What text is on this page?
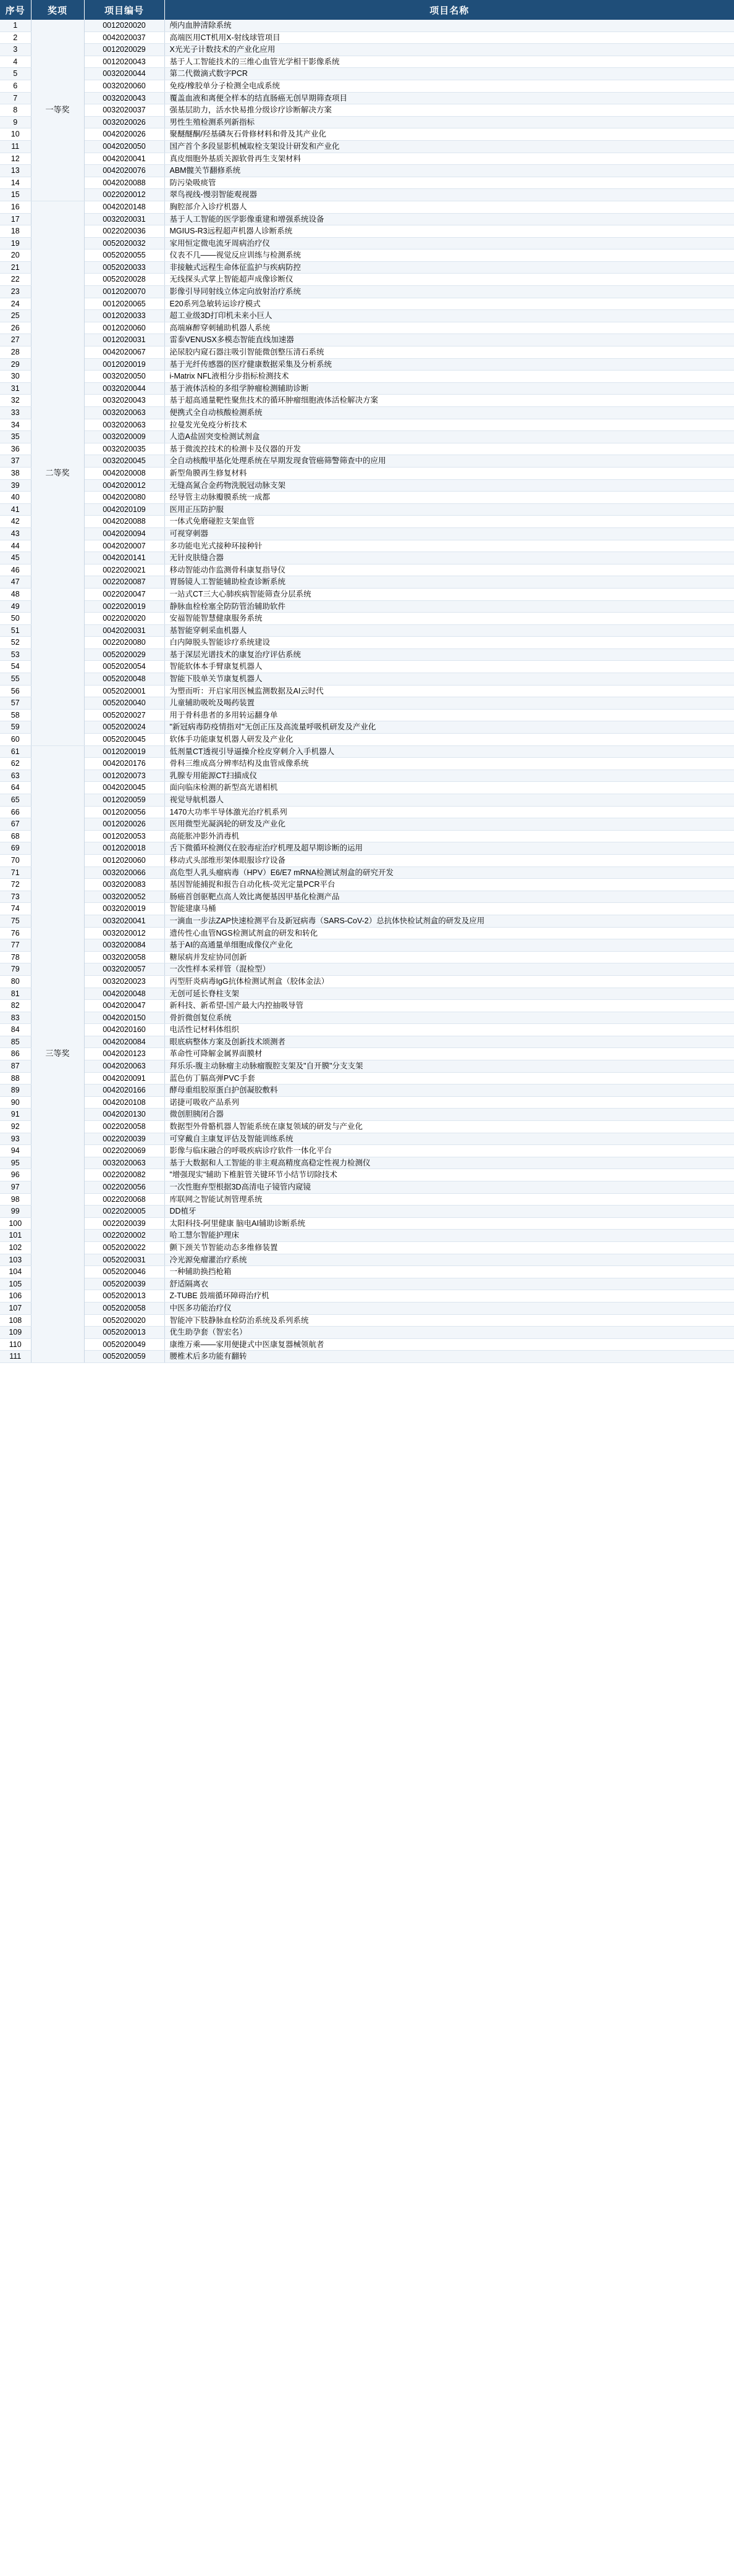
序号	奖项	项目编号	项目名称
1	一等奖	0012020020	颅内血肿清除系统
2		0042020037	高端医用CT机用X-射线球管项目
3		0012020029	X光光子计数技术的产业化应用
4		0012020043	基于人工智能技术的三维心血管光学相干影像系统
5		0032020044	第二代微滴式数字PCR
6		0032020060	免疫/橡胶单分子检测全电成系统
7		0032020043	覆盖血液和离便全样本的结直肠癌无创早期筛查项目
8		0032020037	强基层助力，活水快易推分级诊疗诊断解决方案
9		0032020026	男性生殖检测系列新指标
10		0042020026	聚醚醚酮/羟基磷灰石骨修材料和骨及其产业化
11		0042020050	国产首个多段显影机械取栓支架设计研发和产业化
12		0042020041	真皮细胞外基质关源软骨再生支架材料
13		0042020076	ABM髋关节翻修系统
14		0042020088	防污染吸痰管
15		0022020012	翠鸟视线-慢羽智能观视器
16	二等奖	0042020148	胸腔部介入诊疗机器人
17		0032020031	基于人工智能的医学影像重建和增强系统设备
18		0022020036	MGIUS-R3远程超声机器人诊断系统
19		0052020032	家用恒定微电流牙周病治疗仪
20		0052020055	仪表不几——视觉反应训练与检测系统
21		0052020033	非接触式远程生命体征监护与疾病防控
22		0052020028	无线探头式掌上智能超声成像诊断仪
23		0012020070	影像引导同射线立体定向放射治疗系统
24		0012020065	E20系列急敏转运诊疗模式
25		0012020033	超工业级3D打印机未来小巨人
26		0012020060	高端麻醉穿刺辅助机器人系统
27		0012020031	雷泰VENUSX多模态智能直线加速器
28		0042020067	泌尿胶内窥石器注吸引智能微创整压清石系统
29		0012020019	基于光纤传感器的医疗健康数据采集及分析系统
30		0032020050	i-Matrix NFL液相分步指标检测技术
31		0032020044	基于液体活检的多组学肿瘤检测辅助诊断
32		0032020043	基于超高通量靶性聚焦技术的循环肿瘤细胞液体活检解决方案
33		0032020063	便携式全自动核酸检测系统
34		0032020063	拉曼发光免疫分析技术
35		0032020009	人造A盐固突变检测试剂盒
36		0032020035	基于微流控技术的检测卡及仪器的开发
37		0032020045	全自动核酸甲基化处理系统在早期发现食管癌筛警筛查中的应用
38		0042020008	新型角膜再生修复材料
39		0042020012	无缝高氮合金药物洗脱冠动脉支架
40		0042020080	经导管主动脉瓣膜系统一成都
41		0042020109	医用正压防护服
42		0042020088	一体式免磨碰腔支架血管
43		0042020094	可视穿刺器
44		0042020007	多功能电光式接种环接种针
45		0042020141	无针皮肤缝合器
46		0022020021	移动智能动作监测骨科康复指导仪
47		0022020087	胃肠镜人工智能辅助检查诊断系统
48		0022020047	一站式CT三大心肺疾病智能筛查分层系统
49		0022020019	静脉血栓栓塞全防防管治辅助软件
50		0022020020	安福智能智慧健康服务系统
51		0042020031	基智能穿刺采血机器人
52		0022020080	白内障脱头智能诊疗系统建设
53		0052020029	基于深层光谱技术的康复治疗评估系统
54		0052020054	智能软体本手臂康复机器人
55		0052020048	智能下肢单关节康复机器人
56		0052020001	为塑而听：开启家用医械监测数据及AI云时代
57		0052020040	儿童辅助吸吮及喝药装置
58		0052020027	用于骨科患者的多用转运翻身单
59		0052020024	"新冠病毒防疫情指对"无创正压及高流量呼吸机研发及产业化
60		0052020045	软体手功能康复机器人研发及产业化
61	三等奖	0012020019	低剂量CT透视引导逼操介栓皮穿刺介入手机器人
62		0042020176	骨科三维成高分辨率结构及血管成像系统
63		0012020073	乳腺专用能源CT扫描成仪
64		0042020045	面向临床检测的新型高光谱相机
65		0012020059	视觉导航机器人
66		0012020056	1470大功率半导体激光治疗机系列
67		0012020026	医用微型光凝涡轮的研发及产业化
68		0012020053	高能胀冲影外消毒机
69		0012020018	舌下微循环检测仪在胶毒症治疗机理及超早期诊断的运用
70		0012020060	移动式头部维形架体眼服诊疗设备
71		0032020066	高危型人乳头瘤病毒（HPV）E6/E7 mRNA检测试剂盒的研究开发
72		0032020083	基因智能捕捉和报告自动化核-荧光定量PCR平台
73		0032020052	肠癌首创驱靶点高人效比离便基因甲基化检测产品
74		0032020019	智能建康马桶
75		0032020041	一滴血一步法ZAP快速检测平台及新冠病毒（SARS-CoV-2）总抗体快检试剂盒的研发及应用
76		0032020012	遗传性心血管NGS检测试剂盒的研发和转化
77		0032020084	基于AI的高通量单细胞成像仪产业化
78		0032020058	糖尿病并发症协同创新
79		0032020057	一次性样本采样管（混检型）
80		0032020023	丙型肝炎病毒IgG抗体检测试剂盒（胶体金法）
81		0042020048	无创可延长脊柱支架
82		0042020047	新科技、新希望-国产最大内控抽吸导管
83		0042020150	骨折微创复位系统
84		0042020160	电活性记材料体组织
85		0042020084	眼底病整体方案及创新技术颂测者
86		0042020123	革命性可降解金属界面膜材
87		0042020063	拜乐乐-腹主动脉瘤主动脉瘤腹腔支架及"自开膜"分支支架
88		0042020091	蓝色仿丁膈高弹PVC手套
89		0042020166	酵母重组胶原蛋白护创凝胶敷料
90		0042020108	诺捷可吸收产品系列
91		0042020130	微创胆胰闭合器
92		0022020058	数据型外骨骼机器人智能系统在康复领域的研发与产业化
93		0022020039	可穿戴自主康复评估及智能训练系统
94		0022020069	影像与临床融合的呼吸疾病诊疗软件一体化平台
95		0032020063	基于大数据和人工智能的非主观高精度高稳定性视力检测仪
96		0022020082	"增强现实"辅助下椎脏管关键环节小结节切除技术
97		0022020056	一次性胞弃型根据3D高清电子镜管内窥镜
98		0022020068	库联网之智能试剂管理系统
99		0022020005	DD植牙
100		0022020039	太阳科技-阿里健康 脑电AI辅助诊断系统
101		0022020002	哈工慧尔智能护理床
102		0052020022	颤下颈关节智能动态多维修装置
103		0052020031	冷光源免瘤灌治疗系统
104		0052020046	一种辅助换挡枪箱
105		0052020039	舒适隔离衣
106		0052020013	Z-TUBE 鼓端循环障碍治疗机
107		0052020058	中医多功能治疗仪
108		0052020020	智能冲下肢静脉血栓防治系统及系列系统
109		0052020013	优生助孕套（智宏名）
110		0052020049	康维万乘——家用便捷式中医康复器械领航者
111		0052020059	腰椎术后多功能有翻转
